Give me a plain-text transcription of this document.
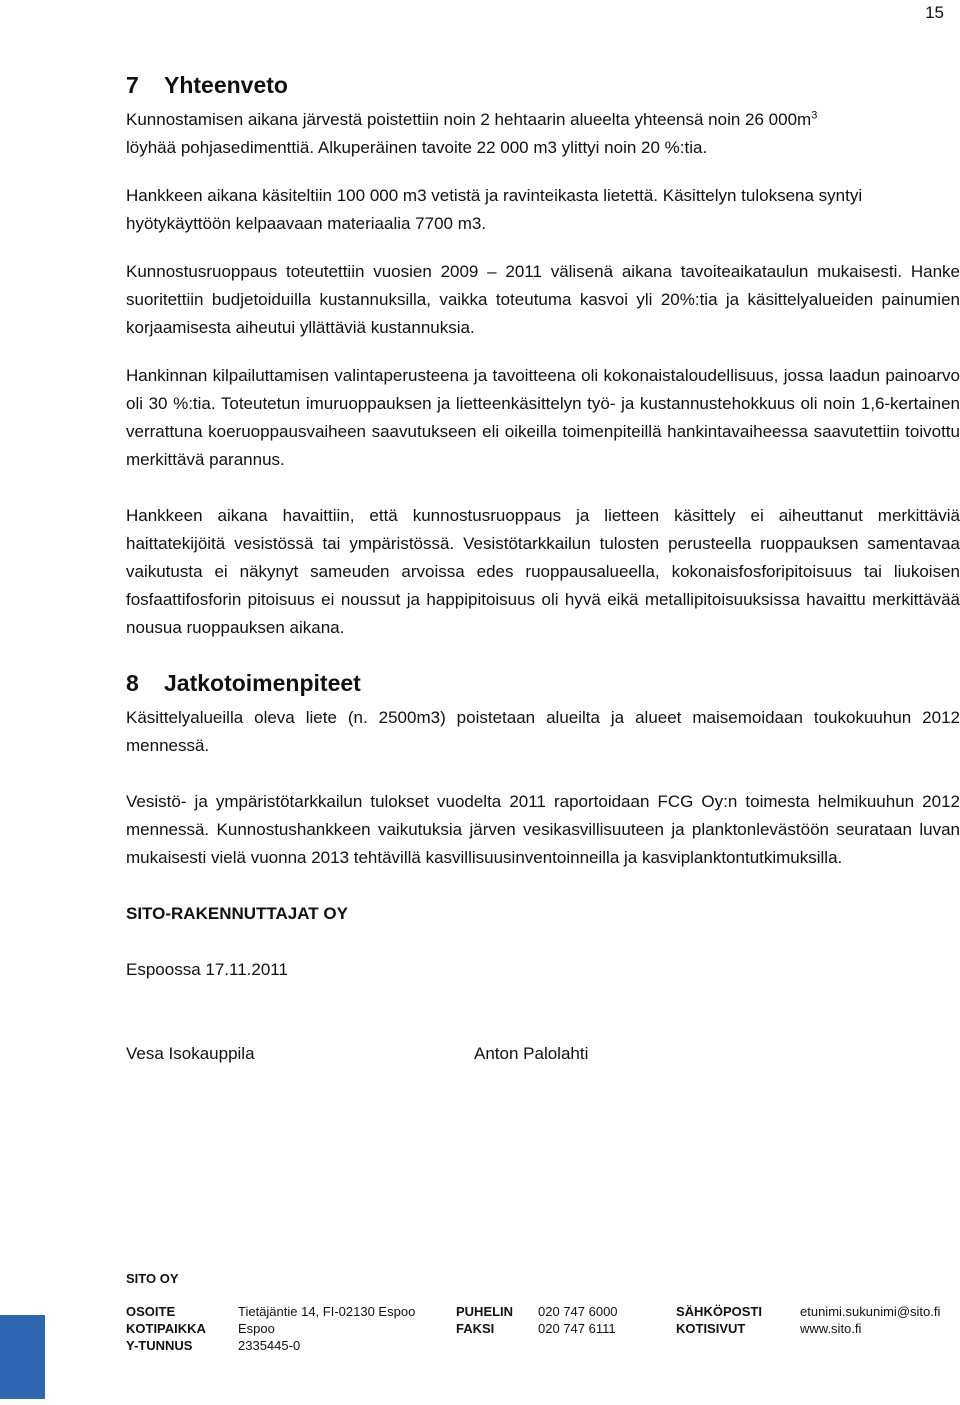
15
7 Yhteenveto

Kunnostamisen aikana järvestä poistettiin noin 2 hehtaarin alueelta yhteensä noin 26 $000m^3$
löyhää pohjasedimenttiä. Alkuperäinen tavoite 22 000 m3 ylittyi noin 20 %:tia.

Hankkeen aikana käsiteltiin 100 000 m3 vetistä ja ravinteikasta lietettä. Käsittelyn tuloksena syntyi hyötykäyttöön kelpaavaan materiaalia 7700 m3.

Kunnostusruoppaus toteutettiin vuosien 2009 – 2011 välisenä aikana tavoiteaikataulun mukaisesti. Hanke suoritettiin budjetoiduilla kustannuksilla, vaikka toteutuma kasvoi yli 20%:tia ja käsittelyalueiden painumien korjaamisesta aiheutui yllättäviä kustannuksia.

Hankinnan kilpailuttamisen valintaperusteena ja tavoitteena oli kokonaistaloudellisuus, jossa laadun painoarvo oli 30 %:tia. Toteutetun imuruoppauksen ja lietteenkäsittelyn työ- ja kustannustehokkuus oli noin 1,6-kertainen verrattuna koeruoppausvaiheen saavutukseen eli oikeilla toimenpiteillä hankintavaiheessa saavutettiin toivottu merkittävä parannus.

Hankkeen aikana havaittiin, että kunnostusruoppaus ja lietteen käsittely ei aiheuttanut merkittäviä haittatekijöitä vesistössä tai ympäristössä. Vesistötarkkailun tulosten perusteella ruoppauksen samentavaa vaikutusta ei näkynyt sameuden arvoissa edes ruoppausalueella, kokonaisfosforipitoisuus tai liukoisen fosfaattifosforin pitoisuus ei noussut ja happipitoisuus oli hyvä eikä metallipitoisuuksissa havaittu merkittävää nousua ruoppauksen aikana.

8 Jatkotoimenpiteet

Käsittelyalueilla oleva liete (n. 2500m3) poistetaan alueilta ja alueet maisemoidaan toukokuuhun 2012 mennessä.

Vesistö- ja ympäristötarkkailun tulokset vuodelta 2011 raportoidaan FCG Oy:n toimesta helmikuuhun 2012 mennessä. Kunnostushankkeen vaikutuksia järven vesikasvillisuuteen ja planktonlevästöön seurataan luvan mukaisesti vielä vuonna 2013 tehtävillä kasvillisuusinventoinneilla ja kasviplanktontutkimuksilla.

SITO-RAKENNUTTAJAT OY

Espoossa 17.11.2011

Vesa Isokauppila	Anton Palolahti
SITO OY
OSOITE	Tietäjäntie 14, FI-02130 Espoo	PUHELIN 020 747 6000	SÄHKÖPOSTI	etunimi.sukunimi@sito.fi
KOTIPAIKKA Espoo	FAKSI	020 747 6111	KOTISIVUT	www.sito.fi
Y-TUNNUS	2335445-0
